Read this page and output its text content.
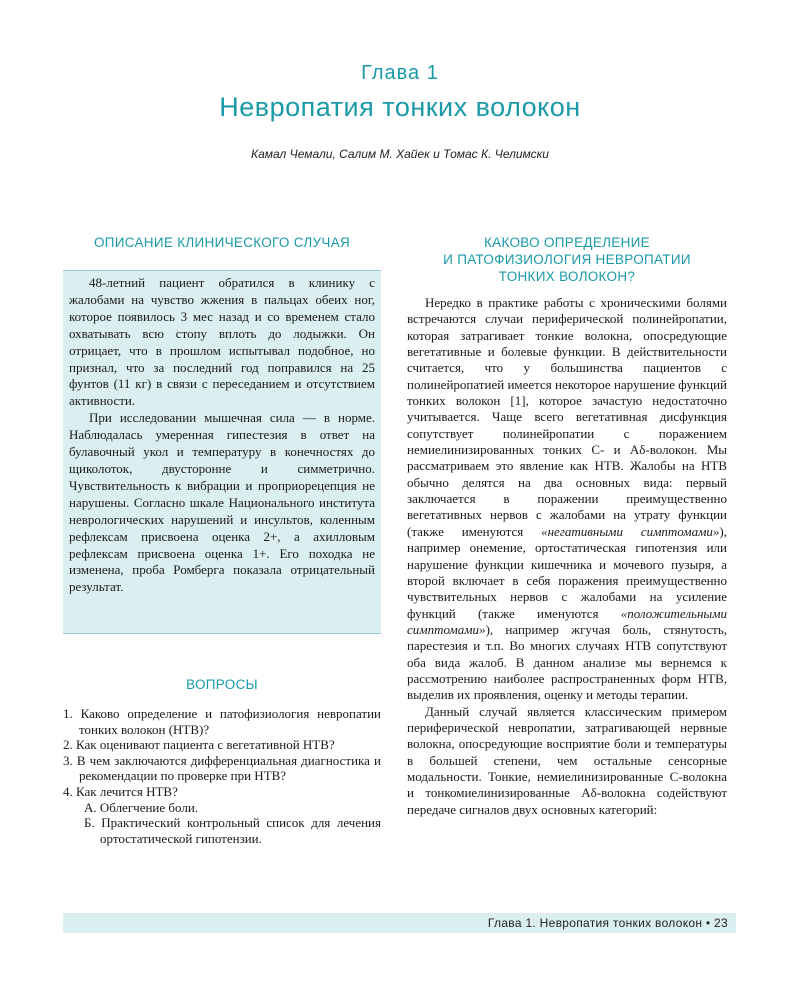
Глава 1
Невропатия тонких волокон
Камал Чемали, Салим М. Хайек и Томас К. Челимски
ОПИСАНИЕ КЛИНИЧЕСКОГО СЛУЧАЯ

48-летний пациент обратился в клинику с жалобами на чувство жжения в пальцах обеих ног, которое появилось 3 мес назад и со временем стало охватывать всю стопу вплоть до лодыжки. Он отрицает, что в прошлом испытывал подобное, но признал, что за последний год поправился на 25 фунтов (11 кг) в связи с переседанием и отсутствием активности.

При исследовании мышечная сила — в норме. Наблюдалась умеренная гипестезия в ответ на булавочный укол и температуру в конечностях до щиколоток, двусторонне и симметрично. Чувствительность к вибрации и проприорецепция не нарушены. Согласно шкале Национального института неврологических нарушений и инсультов, коленным рефлексам присвоена оценка 2+, а ахилловым рефлексам присвоена оценка 1+. Его походка не изменена, проба Ромберга показала отрицательный результат.

ВОПРОСЫ
1. Каково определение и патофизиология невропатии тонких волокон (НТВ)?
2. Как оценивают пациента с вегетативной НТВ?
3. В чем заключаются дифференциальная диагностика и рекомендации по проверке при НТВ?
4. Как лечится НТВ?
А. Облегчение боли.
Б. Практический контрольный список для лечения ортостатической гипотензии.
КАКОВО ОПРЕДЕЛЕНИЕ
И ПАТОФИЗИОЛОГИЯ НЕВРОПАТИИ
ТОНКИХ ВОЛОКОН?

Нередко в практике работы с хроническими болями встречаются случаи периферической полинейропатии, которая затрагивает тонкие волокна, опосредующие вегетативные и болевые функции. В действительности считается, что у большинства пациентов с полинейропатией имеется некоторое нарушение функций тонких волокон [1], которое зачастую недостаточно учитывается. Чаще всего вегетативная дисфункция сопутствует полинейропатии с поражением немиелинизированных тонких С- и Aδ-волокон. Мы рассматриваем это явление как НТВ. Жалобы на НТВ обычно делятся на два основных вида: первый заключается в поражении преимущественно вегетативных нервов с жалобами на утрату функции (также именуются «негативными симптомами»), например онемение, ортостатическая гипотензия или нарушение функции кишечника и мочевого пузыря, а второй включает в себя поражения преимущественно чувствительных нервов с жалобами на усиление функций (также именуются «положительными симптомами»), например жгучая боль, стянутость, парестезия и т.п. Во многих случаях НТВ сопутствуют оба вида жалоб. В данном анализе мы вернемся к рассмотрению наиболее распространенных форм НТВ, выделив их проявления, оценку и методы терапии.

Данный случай является классическим примером периферической невропатии, затрагивающей нервные волокна, опосредующие восприятие боли и температуры в большей степени, чем остальные сенсорные модальности. Тонкие, немиелинизированные С-волокна и тонкомиелинизированные Aδ-волокна содействуют передаче сигналов двух основных категорий:

Глава 1. Невропатия тонких волокон • 23
